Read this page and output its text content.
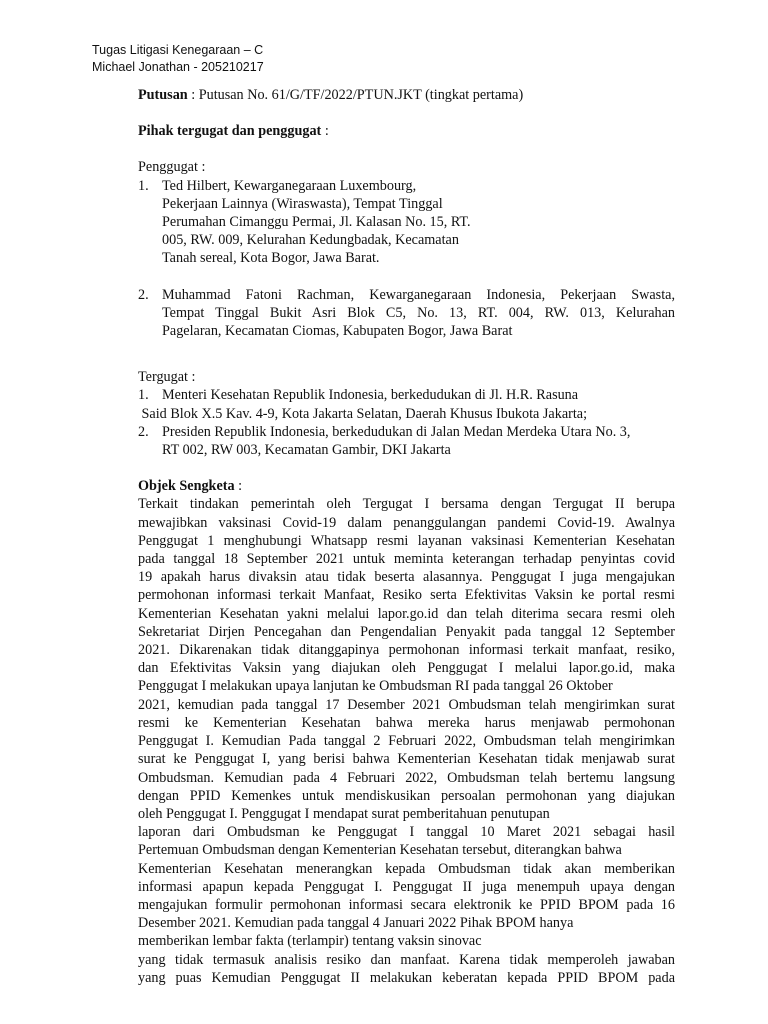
Tugas Litigasi Kenegaraan – C
Michael Jonathan - 205210217

Putusan : Putusan No. 61/G/TF/2022/PTUN.JKT (tingkat pertama)

Pihak tergugat dan penggugat :

Penggugat :

1. Ted Hilbert, Kewarganegaraan Luxembourg,

Pekerjaan Lainnya (Wiraswasta), Tempat Tinggal

Perumahan Cimanggu Permai, Jl. Kalasan No. 15, RT.

005, RW. 009, Kelurahan Kedungbadak, Kecamatan

Tanah sereal, Kota Bogor, Jawa Barat.

2. Muhammad Fatoni Rachman, Kewarganegaraan Indonesia, Pekerjaan Swasta,

Tempat Tinggal Bukit Asri Blok C5, No. 13, RT. 004, RW. 013, Kelurahan

Pagelaran, Kecamatan Ciomas, Kabupaten Bogor, Jawa Barat

Tergugat :

1. Menteri Kesehatan Republik Indonesia, berkedudukan di Jl. H.R. Rasuna

Said Blok X.5 Kav. 4-9, Kota Jakarta Selatan, Daerah Khusus Ibukota Jakarta;

2. Presiden Republik Indonesia, berkedudukan di Jalan Medan Merdeka Utara No. 3,

RT 002, RW 003, Kecamatan Gambir, DKI Jakarta

Objek Sengketa :

Terkait tindakan pemerintah oleh Tergugat I bersama dengan Tergugat II berupa

mewajibkan vaksinasi Covid-19 dalam penanggulangan pandemi Covid-19. Awalnya

Penggugat 1 menghubungi Whatsapp resmi layanan vaksinasi Kementerian Kesehatan

pada tanggal 18 September 2021 untuk meminta keterangan terhadap penyintas covid

19 apakah harus divaksin atau tidak beserta alasannya. Penggugat I juga mengajukan

permohonan informasi terkait Manfaat, Resiko serta Efektivitas Vaksin ke portal resmi

Kementerian Kesehatan yakni melalui lapor.go.id dan telah diterima secara resmi oleh

Sekretariat Dirjen Pencegahan dan Pengendalian Penyakit pada tanggal 12 September

2021. Dikarenakan tidak ditanggapinya permohonan informasi terkait manfaat, resiko,

dan Efektivitas Vaksin yang diajukan oleh Penggugat I melalui lapor.go.id, maka

Penggugat I melakukan upaya lanjutan ke Ombudsman RI pada tanggal 26 Oktober

2021, kemudian pada tanggal 17 Desember 2021 Ombudsman telah mengirimkan surat

resmi ke Kementerian Kesehatan bahwa mereka harus menjawab permohonan

Penggugat I. Kemudian Pada tanggal 2 Februari 2022, Ombudsman telah mengirimkan

surat ke Penggugat I, yang berisi bahwa Kementerian Kesehatan tidak menjawab surat

Ombudsman. Kemudian pada 4 Februari 2022, Ombudsman telah bertemu langsung

dengan PPID Kemenkes untuk mendiskusikan persoalan permohonan yang diajukan

oleh Penggugat I. Penggugat I mendapat surat pemberitahuan penutupan

laporan dari Ombudsman ke Penggugat I tanggal 10 Maret 2021 sebagai hasil

Pertemuan Ombudsman dengan Kementerian Kesehatan tersebut, diterangkan bahwa

Kementerian Kesehatan menerangkan kepada Ombudsman tidak akan memberikan

informasi apapun kepada Penggugat I. Penggugat II juga menempuh upaya dengan

mengajukan formulir permohonan informasi secara elektronik ke PPID BPOM pada 16

Desember 2021. Kemudian pada tanggal 4 Januari 2022 Pihak BPOM hanya

memberikan lembar fakta (terlampir) tentang vaksin sinovac

yang tidak termasuk analisis resiko dan manfaat. Karena tidak memperoleh jawaban

yang puas Kemudian Penggugat II melakukan keberatan kepada PPID BPOM pada
